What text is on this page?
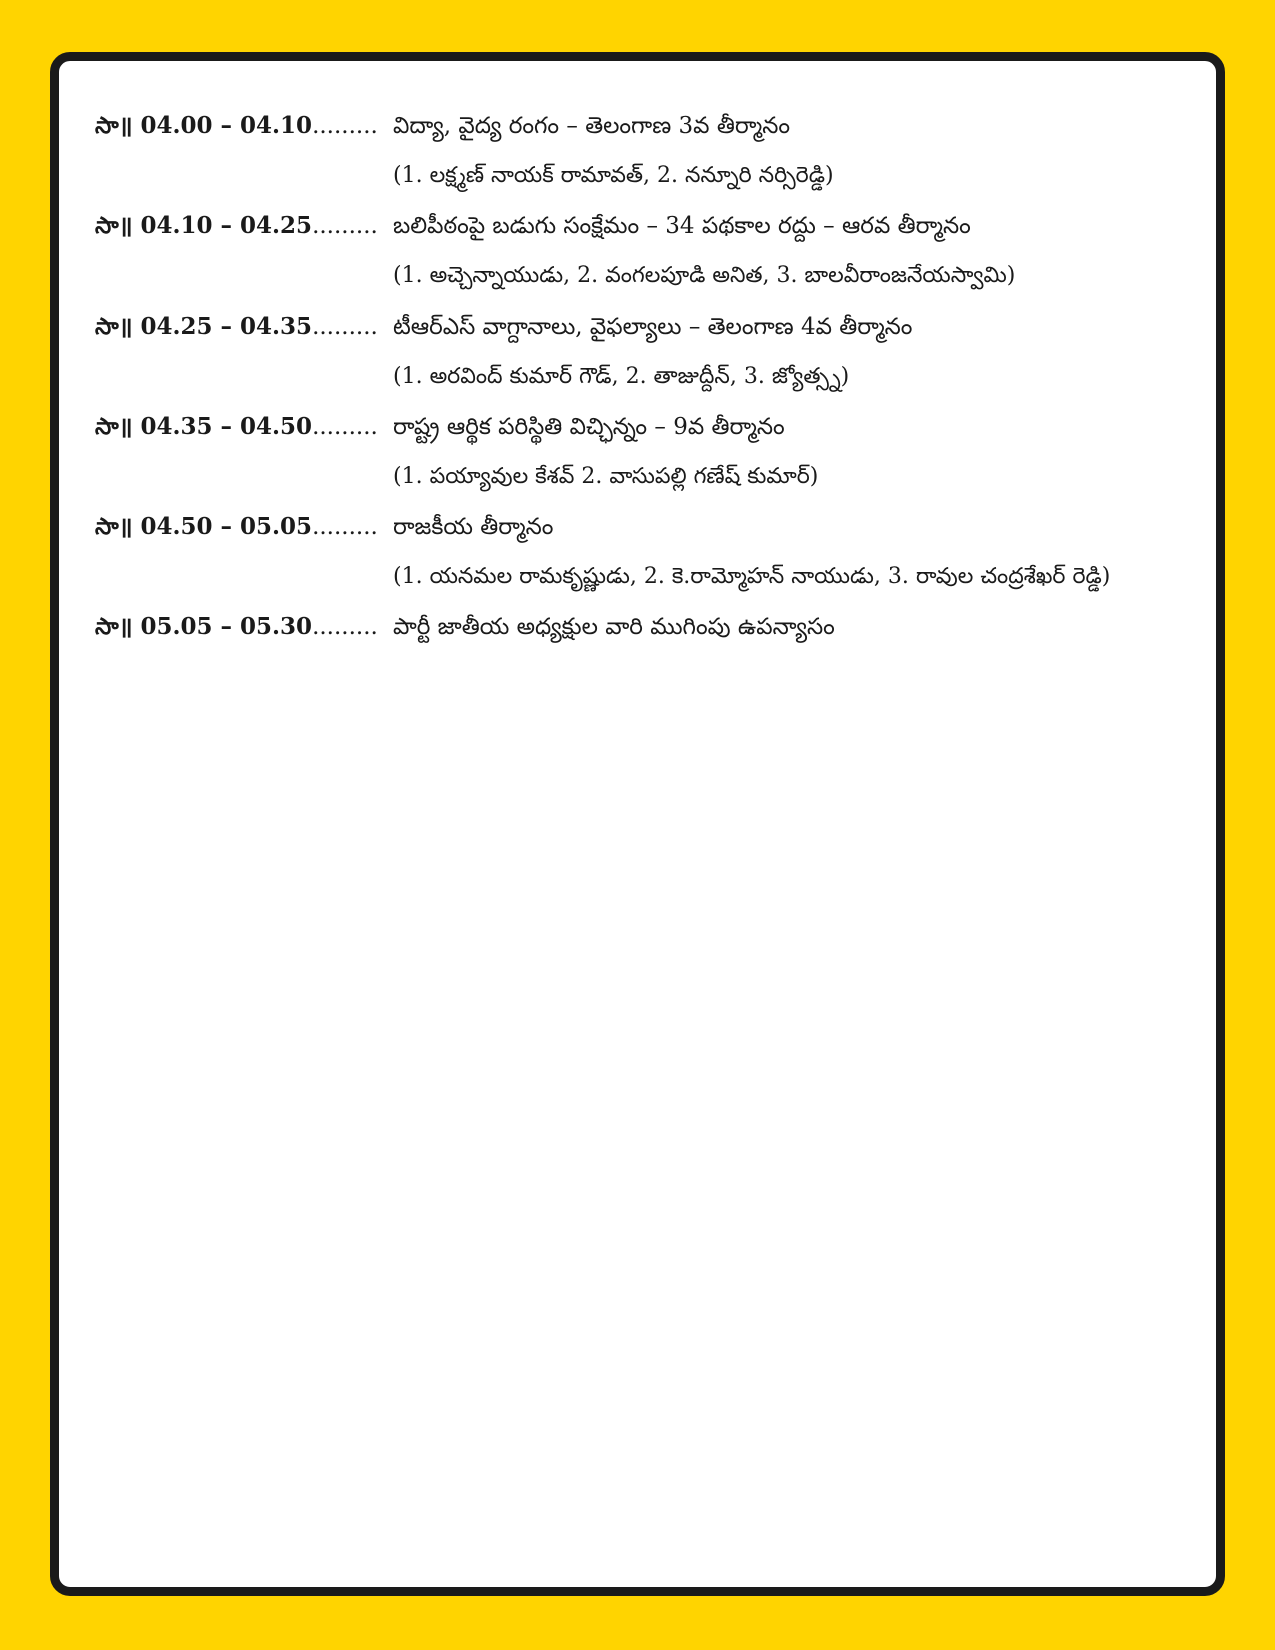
సా॥ 04.00 – 04.10......... విద్యా, వైద్య రంగం – తెలంగాణ 3వ తీర్మానం
(1. లక్ష్మణ్ నాయక్ రామావత్, 2. నన్నూరి నర్సిరెడ్డి)
సా॥ 04.10 – 04.25......... బలిపీఠంపై బడుగు సంక్షేమం – 34 పథకాల రద్దు – ఆరవ తీర్మానం
(1. అచ్చెన్నాయుడు, 2. వంగలపూడి అనిత, 3. బాలవీరాంజనేయస్వామి)
సా॥ 04.25 – 04.35......... టీఆర్ఎస్ వాగ్దానాలు, వైఫల్యాలు – తెలంగాణ 4వ తీర్మానం
(1. అరవింద్ కుమార్ గౌడ్, 2. తాజుద్దీన్, 3. జ్యోత్స్న)
సా॥ 04.35 – 04.50......... రాష్ట్ర ఆర్థిక పరిస్థితి విచ్ఛిన్నం – 9వ తీర్మానం
(1. పయ్యావుల కేశవ్ 2. వాసుపల్లి గణేష్ కుమార్)
సా॥ 04.50 – 05.05......... రాజకీయ తీర్మానం
(1. యనమల రామకృష్ణుడు, 2. కె.రామ్మోహన్ నాయుడు, 3. రావుల చంద్రశేఖర్ రెడ్డి)
సా॥ 05.05 – 05.30......... పార్టీ జాతీయ అధ్యక్షుల వారి ముగింపు ఉపన్యాసం
